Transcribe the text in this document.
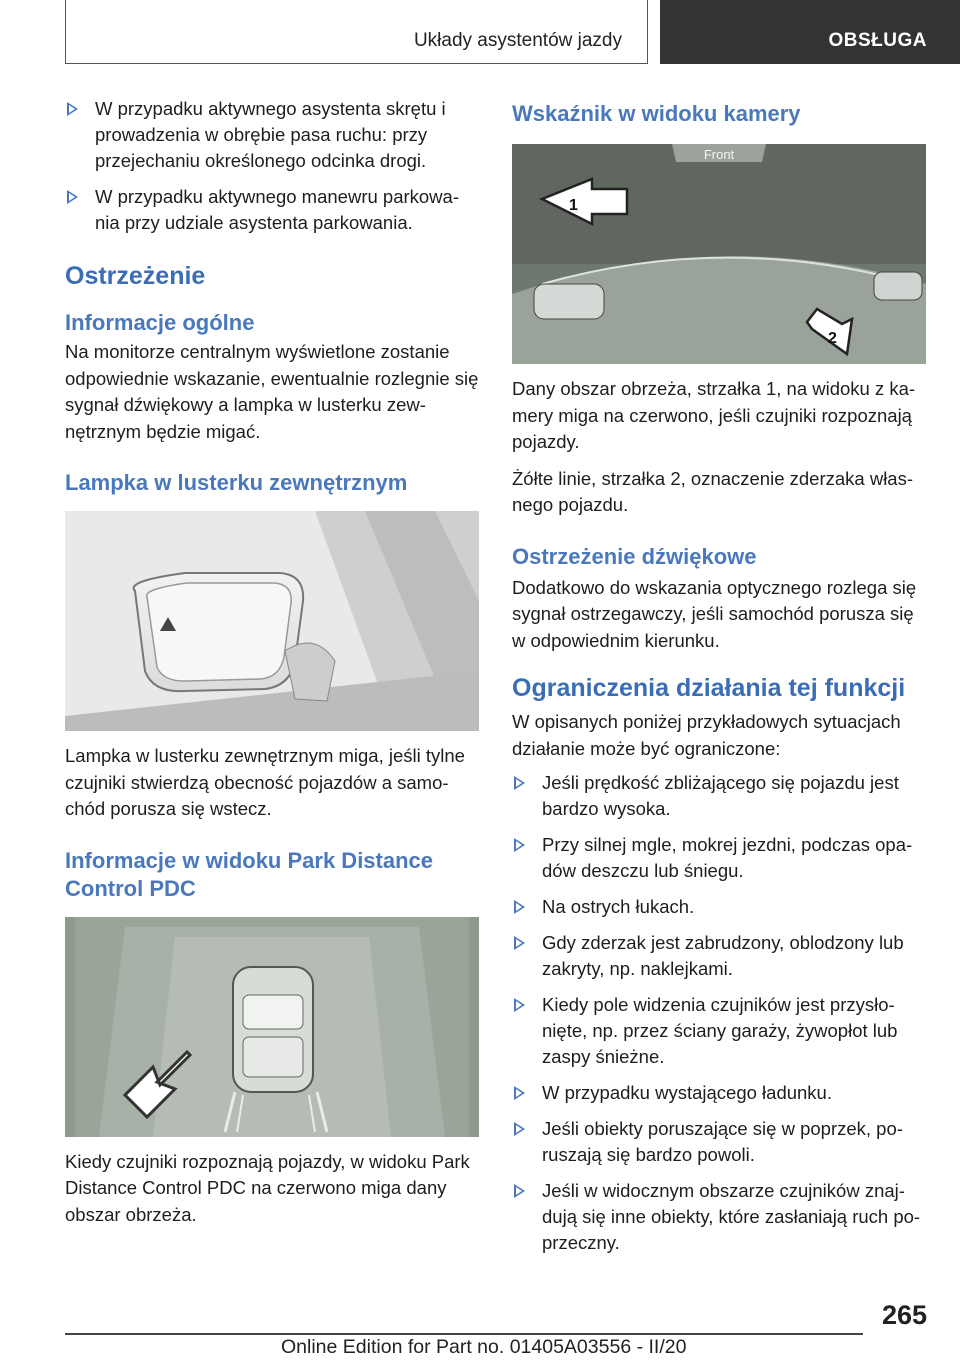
Układy asystentów jazdy	OBSŁUGA
W przypadku aktywnego asystenta skrętu i prowadzenia w obrębie pasa ruchu: przy przejechaniu określonego odcinka drogi.
W przypadku aktywnego manewru parkowa‐nia przy udziale asystenta parkowania.
Ostrzeżenie
Informacje ogólne
Na monitorze centralnym wyświetlone zostanie odpowiednie wskazanie, ewentualnie rozlegnie się sygnał dźwiękowy a lampka w lusterku zew‐nętrznym będzie migać.
Lampka w lusterku zewnętrznym
Lampka w lusterku zewnętrznym miga, jeśli tylne czujniki stwierdzą obecność pojazdów a samo‐chód porusza się wstecz.
Informacje w widoku Park Distance Control PDC
Kiedy czujniki rozpoznają pojazdy, w widoku Park Distance Control PDC na czerwono miga dany obszar obrzeża.
Wskaźnik w widoku kamery
Front
1
2
Dany obszar obrzeża, strzałka 1, na widoku z ka‐mery miga na czerwono, jeśli czujniki rozpoznają pojazdy.
Żółte linie, strzałka 2, oznaczenie zderzaka włas‐nego pojazdu.
Ostrzeżenie dźwiękowe
Dodatkowo do wskazania optycznego rozlega się sygnał ostrzegawczy, jeśli samochód porusza się w odpowiednim kierunku.
Ograniczenia działania tej funkcji
W opisanych poniżej przykładowych sytuacjach działanie może być ograniczone:
Jeśli prędkość zbliżającego się pojazdu jest bardzo wysoka.
Przy silnej mgle, mokrej jezdni, podczas opa‐dów deszczu lub śniegu.
Na ostrych łukach.
Gdy zderzak jest zabrudzony, oblodzony lub zakryty, np. naklejkami.
Kiedy pole widzenia czujników jest przysło‐nięte, np. przez ściany garaży, żywopłot lub zaspy śnieżne.
W przypadku wystającego ładunku.
Jeśli obiekty poruszające się w poprzek, po‐ruszają się bardzo powoli.
Jeśli w widocznym obszarze czujników znaj‐dują się inne obiekty, które zasłaniają ruch po‐przeczny.
265
Online Edition for Part no. 01405A03556 - II/20
